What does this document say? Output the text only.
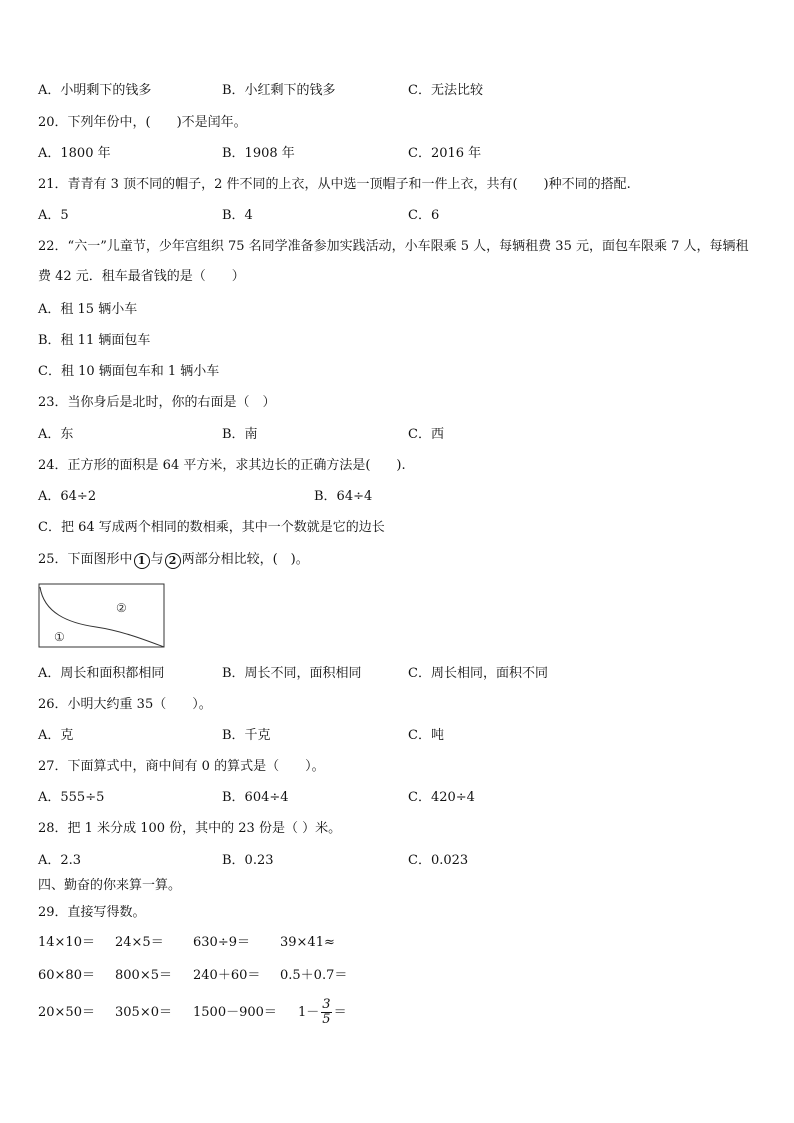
A．小明剩下的钱多	B．小红剩下的钱多	C．无法比较
20．下列年份中，(　　)不是闰年。
A．1800 年	B．1908 年	C．2016 年
21．青青有 3 顶不同的帽子，2 件不同的上衣，从中选一顶帽子和一件上衣，共有(　　)种不同的搭配.
A．5	B．4	C．6
22．“六一”儿童节，少年宫组织 75 名同学准备参加实践活动，小车限乘 5 人，每辆租费 35 元，面包车限乘 7 人，每辆租费 42 元．租车最省钱的是（　　）
A．租 15 辆小车
B．租 11 辆面包车
C．租 10 辆面包车和 1 辆小车
23．当你身后是北时，你的右面是（　）
A．东	B．南	C．西
24．正方形的面积是 64 平方米，求其边长的正确方法是(　　).
A．64÷2	B．64÷4
C．把 64 写成两个相同的数相乘，其中一个数就是它的边长
25．下面图形中 1 与 2 两部分相比较，(　)。
②
①
A．周长和面积都相同	B．周长不同，面积相同	C．周长相同，面积不同
26．小明大约重 35（　　）。
A．克	B．千克	C．吨
27．下面算式中，商中间有 0 的算式是（　　）。
A．555÷5	B．604÷4	C．420÷4
28．把 1 米分成 100 份，其中的 23 份是（ ）米。
A．2.3	B．0.23	C．0.023
四、勤奋的你来算一算。
29．直接写得数。
14×10＝ 24×5＝ 630÷9＝ 39×41≈
60×80＝ 800×5＝ 240＋60＝ 0.5＋0.7＝
$20\times 50= 305\times 0= 1500-900= 1- \frac{3}{5}$ ＝
